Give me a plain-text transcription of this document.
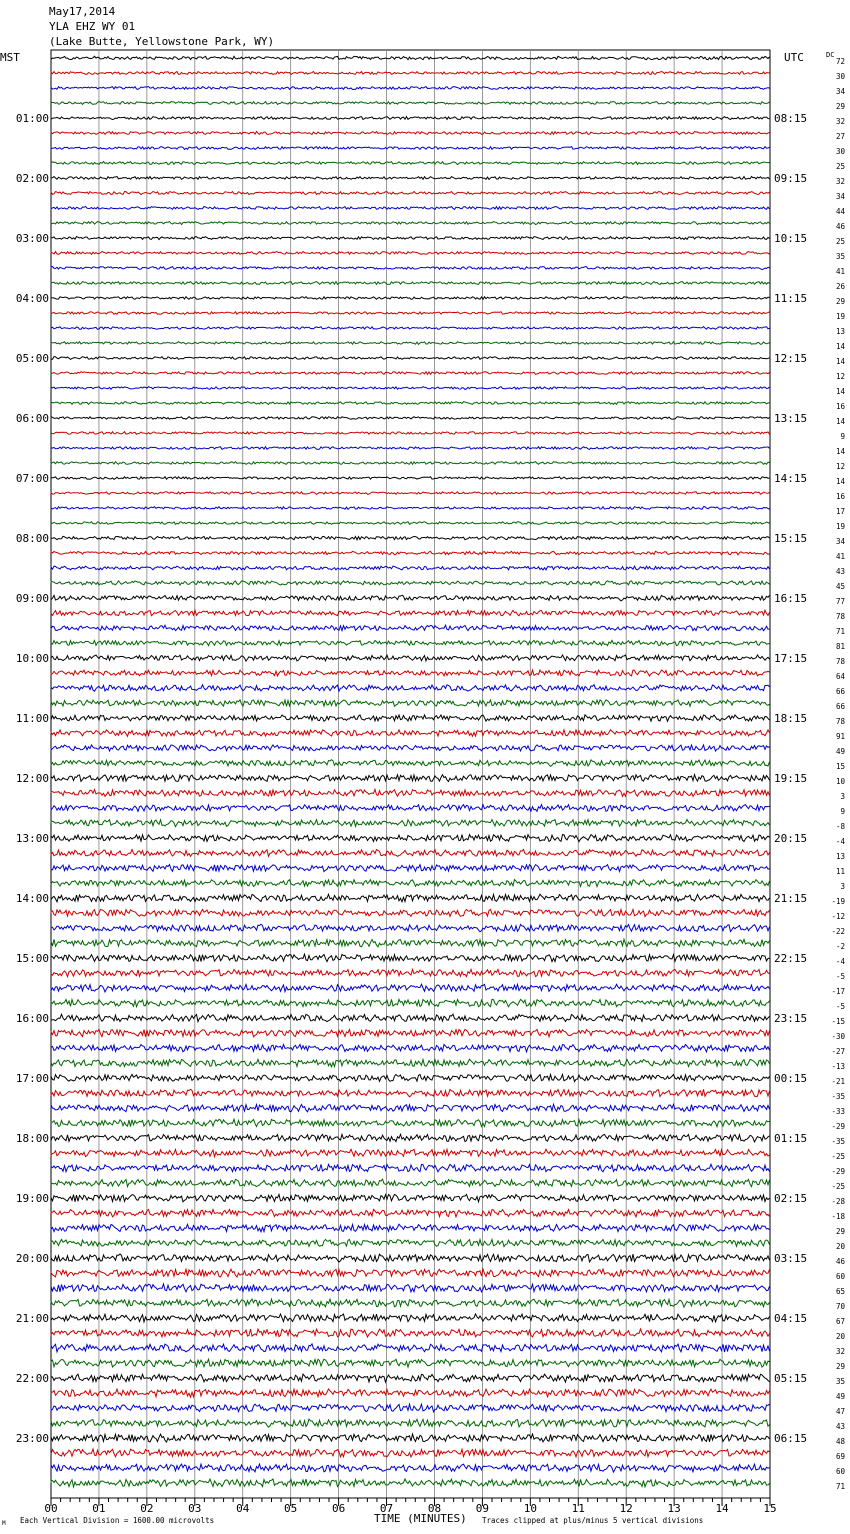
May17,2014
YLA EHZ WY 01
(Lake Butte, Yellowstone Park, WY)
MST	UTC	DC
M Each Vertical Division = 1600.00 microvolts	TIME (MINUTES) Traces clipped at plus/minus 5 vertical divisions
00	01	02	03	04	05	06	07	08	09	10	11	12	13	14	15
72
30
34
29
32
27
30
25
32
34
44
46
25
35
41
26
29
19
13
14
14
12
14
16
14
9
14
12
14
16
17
19
34
41
43
45
77
78
71
81
78
64
66
66
78
91
49
15
10
3
9
-8
-4
13
11
3
-19
-12
-22
-2
-4
-5
-17
-5
-15
-30
-27
-13
-21
-35
-33
-29
-35
-25
-29
-25
-28
-18
29
20
46
60
65
70
67
20
32
29
35
49
47
43
48
69
60
71
01:00	08:15
02:00	09:15
03:00	10:15
04:00	11:15
05:00	12:15
06:00	13:15
07:00	14:15
08:00	15:15
09:00	16:15
10:00	17:15
11:00	18:15
12:00	19:15
13:00	20:15
14:00	21:15
15:00	22:15
16:00	23:15
17:00	00:15
18:00	01:15
19:00	02:15
20:00	03:15
21:00	04:15
22:00	05:15
23:00	06:15
